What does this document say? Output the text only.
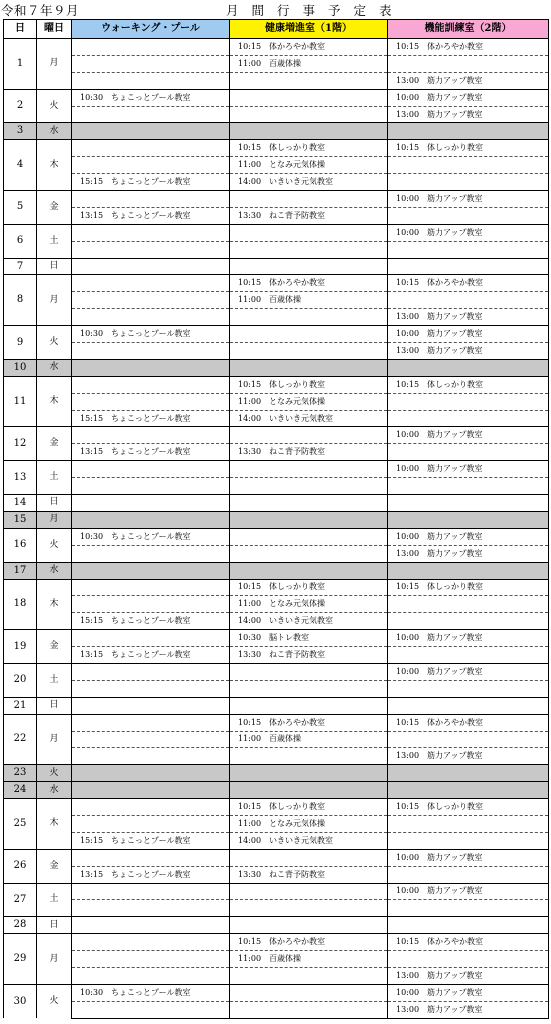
令和７年９月	月間行事予定表
日	曜日	ウォーキング・プール	健康増進室（1階）	機能訓練室（2階）
1	月		10:15　体かろやか教室	10:15　体かろやか教室
			11:00　百歳体操	
				13:00　筋力アップ教室
2	火	10:30　ちょこっとプール教室		10:00　筋力アップ教室
				13:00　筋力アップ教室
3	水			
4	木		10:15　体しっかり教室	10:15　体しっかり教室
			11:00　となみ元気体操	
		15:15　ちょこっとプール教室	14:00　いきいき元気教室	
5	金			10:00　筋力アップ教室
		13:15　ちょこっとプール教室	13:30　ねこ背予防教室	
6	土			10:00　筋力アップ教室

7	日			
8	月		10:15　体かろやか教室	10:15　体かろやか教室
			11:00　百歳体操	
				13:00　筋力アップ教室
9	火	10:30　ちょこっとプール教室		10:00　筋力アップ教室
				13:00　筋力アップ教室
10	水			
11	木		10:15　体しっかり教室	10:15　体しっかり教室
			11:00　となみ元気体操	
		15:15　ちょこっとプール教室	14:00　いきいき元気教室	
12	金			10:00　筋力アップ教室
		13:15　ちょこっとプール教室	13:30　ねこ背予防教室	
13	土			10:00　筋力アップ教室

14	日			
15	月			
16	火	10:30　ちょこっとプール教室		10:00　筋力アップ教室
				13:00　筋力アップ教室
17	水			
18	木		10:15　体しっかり教室	10:15　体しっかり教室
			11:00　となみ元気体操	
		15:15　ちょこっとプール教室	14:00　いきいき元気教室	
19	金		10:30　脳トレ教室	10:00　筋力アップ教室
		13:15　ちょこっとプール教室	13:30　ねこ背予防教室	
20	土			10:00　筋力アップ教室

21	日			
22	月		10:15　体かろやか教室	10:15　体かろやか教室
			11:00　百歳体操	
				13:00　筋力アップ教室
23	火			
24	水			
25	木		10:15　体しっかり教室	10:15　体しっかり教室
			11:00　となみ元気体操	
		15:15　ちょこっとプール教室	14:00　いきいき元気教室	
26	金			10:00　筋力アップ教室
		13:15　ちょこっとプール教室	13:30　ねこ背予防教室	
27	土			10:00　筋力アップ教室

28	日			
29	月		10:15　体かろやか教室	10:15　体かろやか教室
			11:00　百歳体操	
				13:00　筋力アップ教室
30	火	10:30　ちょこっとプール教室		10:00　筋力アップ教室
				13:00　筋力アップ教室
